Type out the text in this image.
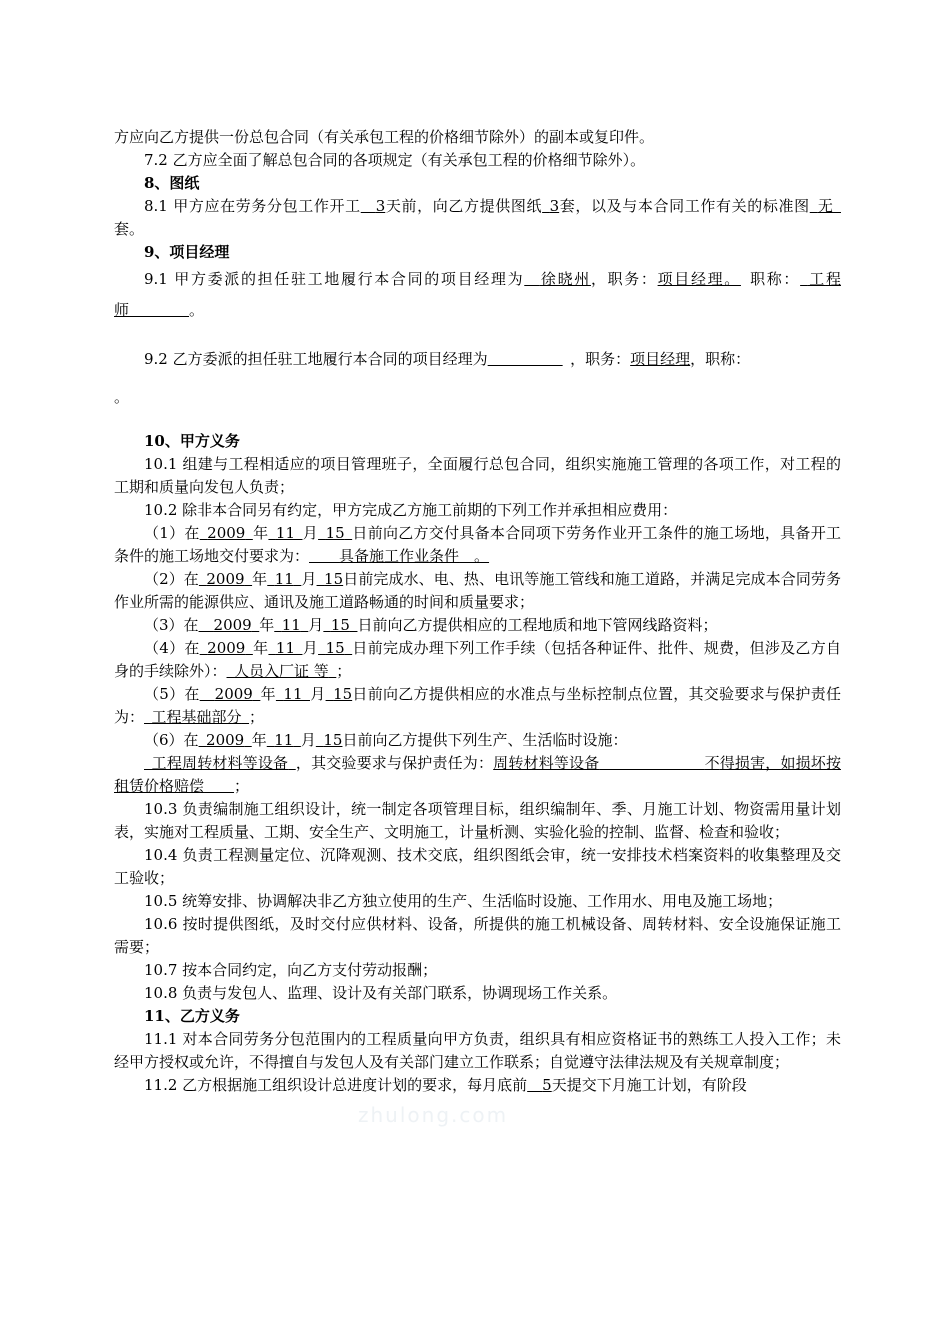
方应向乙方提供一份总包合同（有关承包工程的价格细节除外）的副本或复印件。

7.2 乙方应全面了解总包合同的各项规定（有关承包工程的价格细节除外）。

8、图纸

8.1 甲方应在劳务分包工作开工  3天前，向乙方提供图纸  3套，以及与本合同工作有关的标准图  无 套。

9、项目经理

9.1 甲方委派的担任驻工地履行本合同的项目经理为  徐晓州，职务：项目经理。  职称：  工程师    	。

9.2 乙方委派的担任驻工地履行本合同的项目经理为      	，职务：项目经理，职称：
。

10、甲方义务

10.1 组建与工程相适应的项目管理班子，全面履行总包合同，组织实施施工管理的各项工作，对工程的工期和质量向发包人负责；

10.2 除非本合同另有约定，甲方完成乙方施工前期的下列工作并承担相应费用：

（1）在  2009  年  11  月  15  日前向乙方交付具备本合同项下劳务作业开工条件的施工场地，具备开工条件的施工场地交付要求为：   具备施工作业条件 。

（2）在  2009  年  11  月  15日前完成水、电、热、电讯等施工管线和施工道路，并满足完成本合同劳务作业所需的能源供应、通讯及施工道路畅通的时间和质量要求；

（3）在  2009  年  11  月  15  日前向乙方提供相应的工程地质和地下管网线路资料；

（4）在  2009  年  11  月  15  日前完成办理下列工作手续（包括各种证件、批件、规费，但涉及乙方自身的手续除外）：  人员入厂证 等  ；

（5）在  2009  年  11  月  15日前向乙方提供相应的水准点与坐标控制点位置，其交验要求与保护责任为：  工程基础部分  ；

（6）在  2009  年  11  月  15日前向乙方提供下列生产、生活临时设施：

 工程周转材料等设备  ，其交验要求与保护责任为：周转材料等设备       	不得损害，如损坏按租赁价格赔偿   ；

10.3 负责编制施工组织设计，统一制定各项管理目标，组织编制年、季、月施工计划、物资需用量计划表，实施对工程质量、工期、安全生产、文明施工，计量析测、实验化验的控制、监督、检查和验收；

10.4 负责工程测量定位、沉降观测、技术交底，组织图纸会审，统一安排技术档案资料的收集整理及交工验收；

10.5 统筹安排、协调解决非乙方独立使用的生产、生活临时设施、工作用水、用电及施工场地；

10.6 按时提供图纸，及时交付应供材料、设备，所提供的施工机械设备、周转材料、安全设施保证施工需要；

10.7 按本合同约定，向乙方支付劳动报酬；

10.8 负责与发包人、监理、设计及有关部门联系，协调现场工作关系。

11、乙方义务

11.1 对本合同劳务分包范围内的工程质量向甲方负责，组织具有相应资格证书的熟练工人投入工作；未经甲方授权或允许，不得擅自与发包人及有关部门建立工作联系；自觉遵守法律法规及有关规章制度；

11.2 乙方根据施工组织设计总进度计划的要求，每月底前   5天提交下月施工计划，有阶段

zhulong.com
